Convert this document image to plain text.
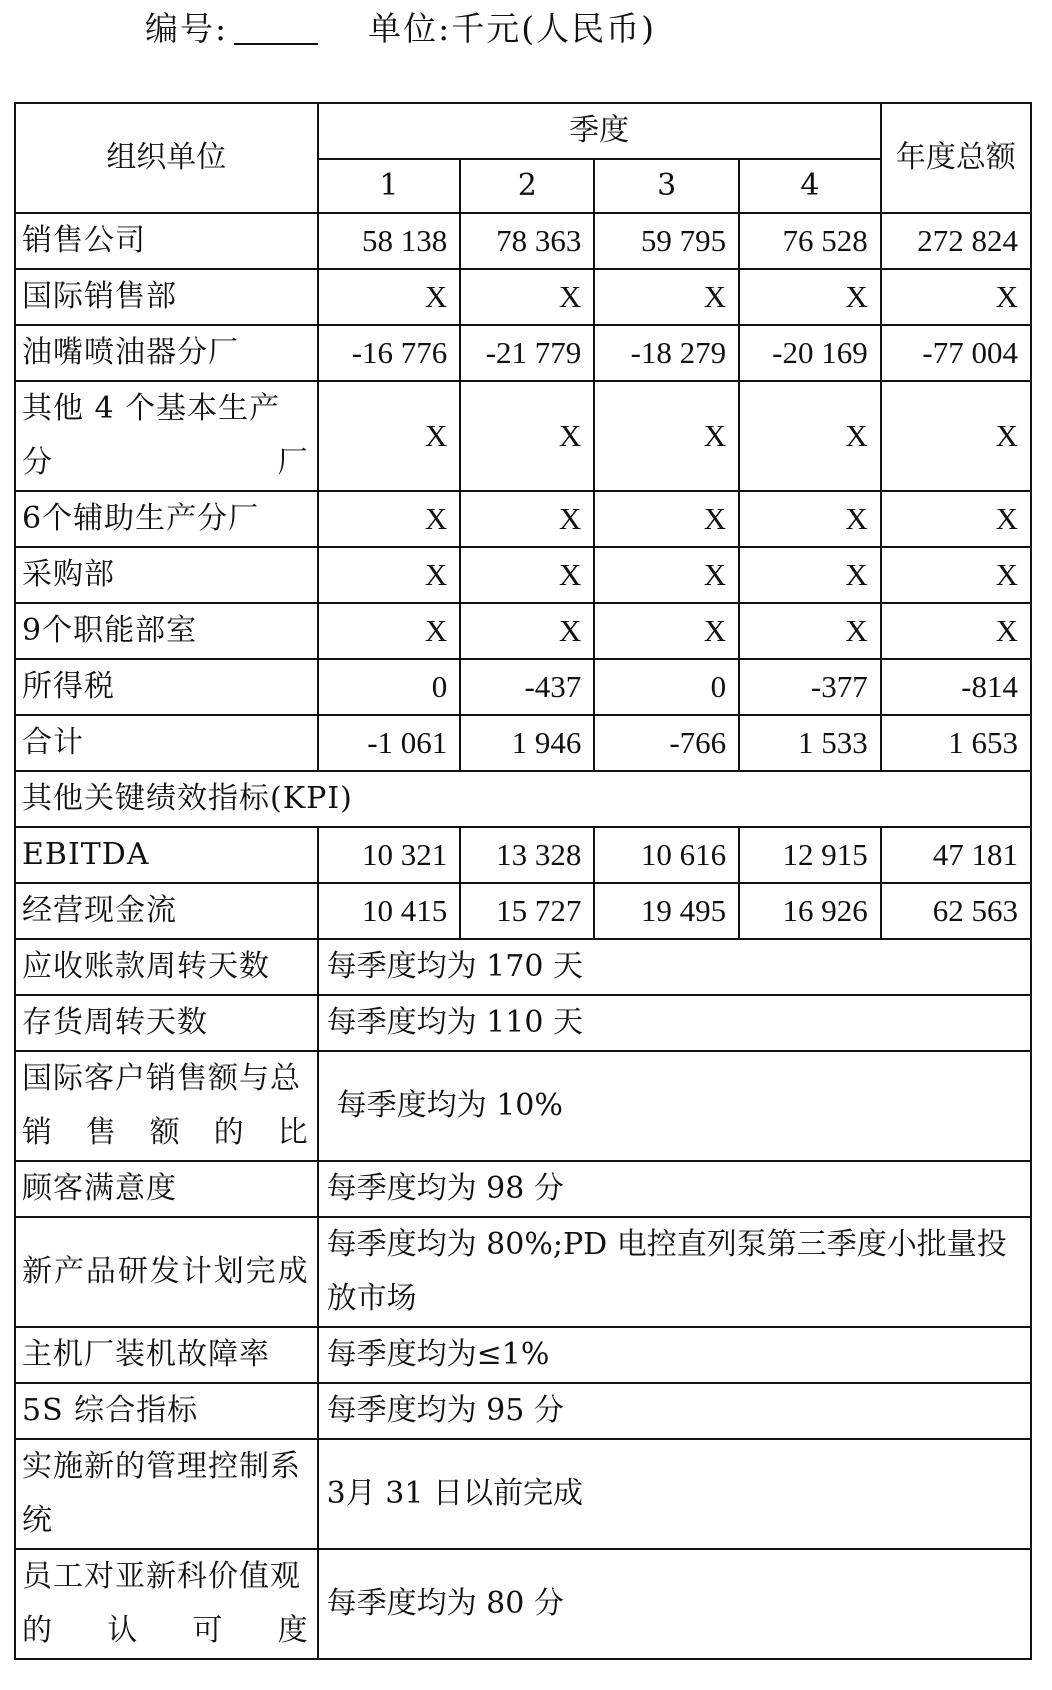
编号:	单位:千元(人民币)
组织单位	季度				年度总额
	1	2	3	4	
销售公司	58 138	78 363	59 795	76 528	272 824
国际销售部	X	X	X	X	X
油嘴喷油器分厂	-16 776	-21 779	-18 279	-20 169	-77 004
其他 4 个基本生产分厂	X	X	X	X	X
6个辅助生产分厂	X	X	X	X	X
采购部	X	X	X	X	X
9个职能部室	X	X	X	X	X
所得税	0	-437	0	-377	-814
合计	-1 061	1 946	-766	1 533	1 653
其他关键绩效指标(KPI)					
EBITDA	10 321	13 328	10 616	12 915	47 181
经营现金流	10 415	15 727	19 495	16 926	62 563
应收账款周转天数	每季度均为 170 天				
存货周转天数	每季度均为 110 天				
国际客户销售额与总销售额的比	每季度均为 10%				
顾客满意度	每季度均为 98 分				
新产品研发计划完成	每季度均为 80%;PD 电控直列泵第三季度小批量投放市场				
主机厂装机故障率	每季度均为≤1%				
5S 综合指标	每季度均为 95 分				
实施新的管理控制系统	3月 31 日以前完成				
员工对亚新科价值观的认可度	每季度均为 80 分				
